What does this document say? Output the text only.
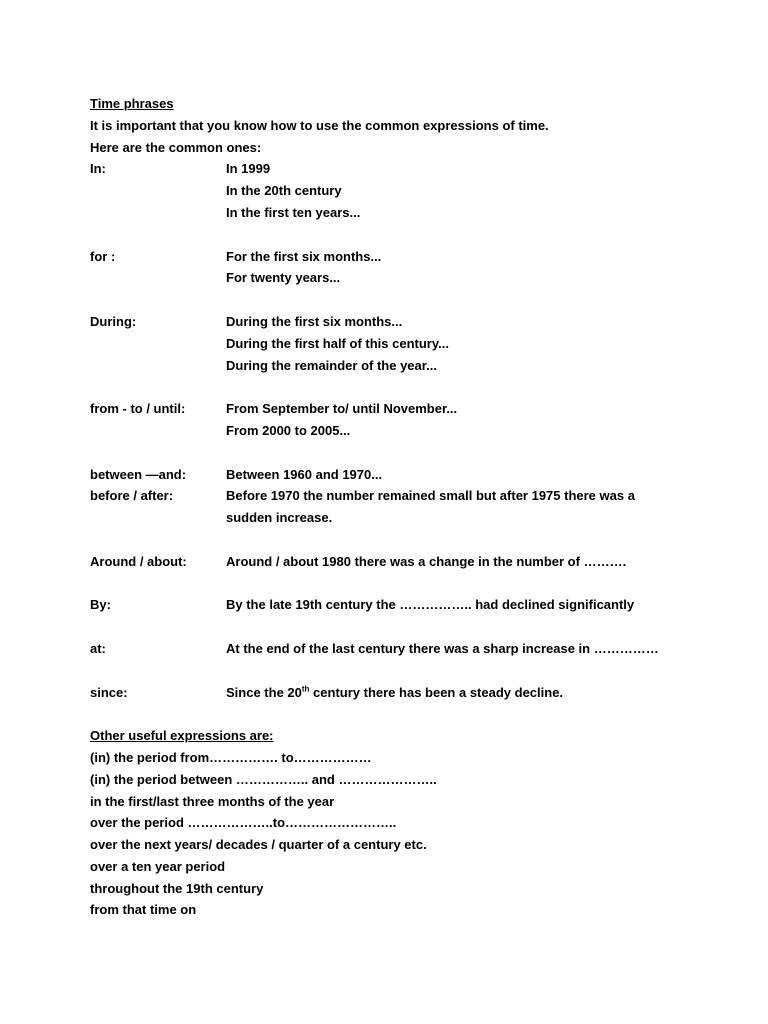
Time phrases
It is important that you know how to use the common expressions of time.
Here are the common ones:
In:	In 1999
In the 20th century
In the first ten years...
for :	For the first six months...
For twenty years...
During:	During the first six months...
During the first half of this century...
During the remainder of the year...
from - to / until:	From September to/ until November...
From 2000 to 2005...
between —and:	Between 1960 and 1970...
before / after:	Before 1970 the number remained small but after 1975 there was a
sudden increase.
Around / about:	Around / about 1980 there was a change in the number of ……….
By:	By the late 19th century the …………….. had declined significantly
at:	At the end of the last century there was a sharp increase in ……………
since:	Since the 20th century there has been a steady decline.
Other useful expressions are:
(in) the period from……………. to………………
(in) the period between …………….. and …………………..
in the first/last three months of the year
over the period ………………..to……………………..
over the next years/ decades / quarter of a century etc.
over a ten year period
throughout the 19th century
from that time on
